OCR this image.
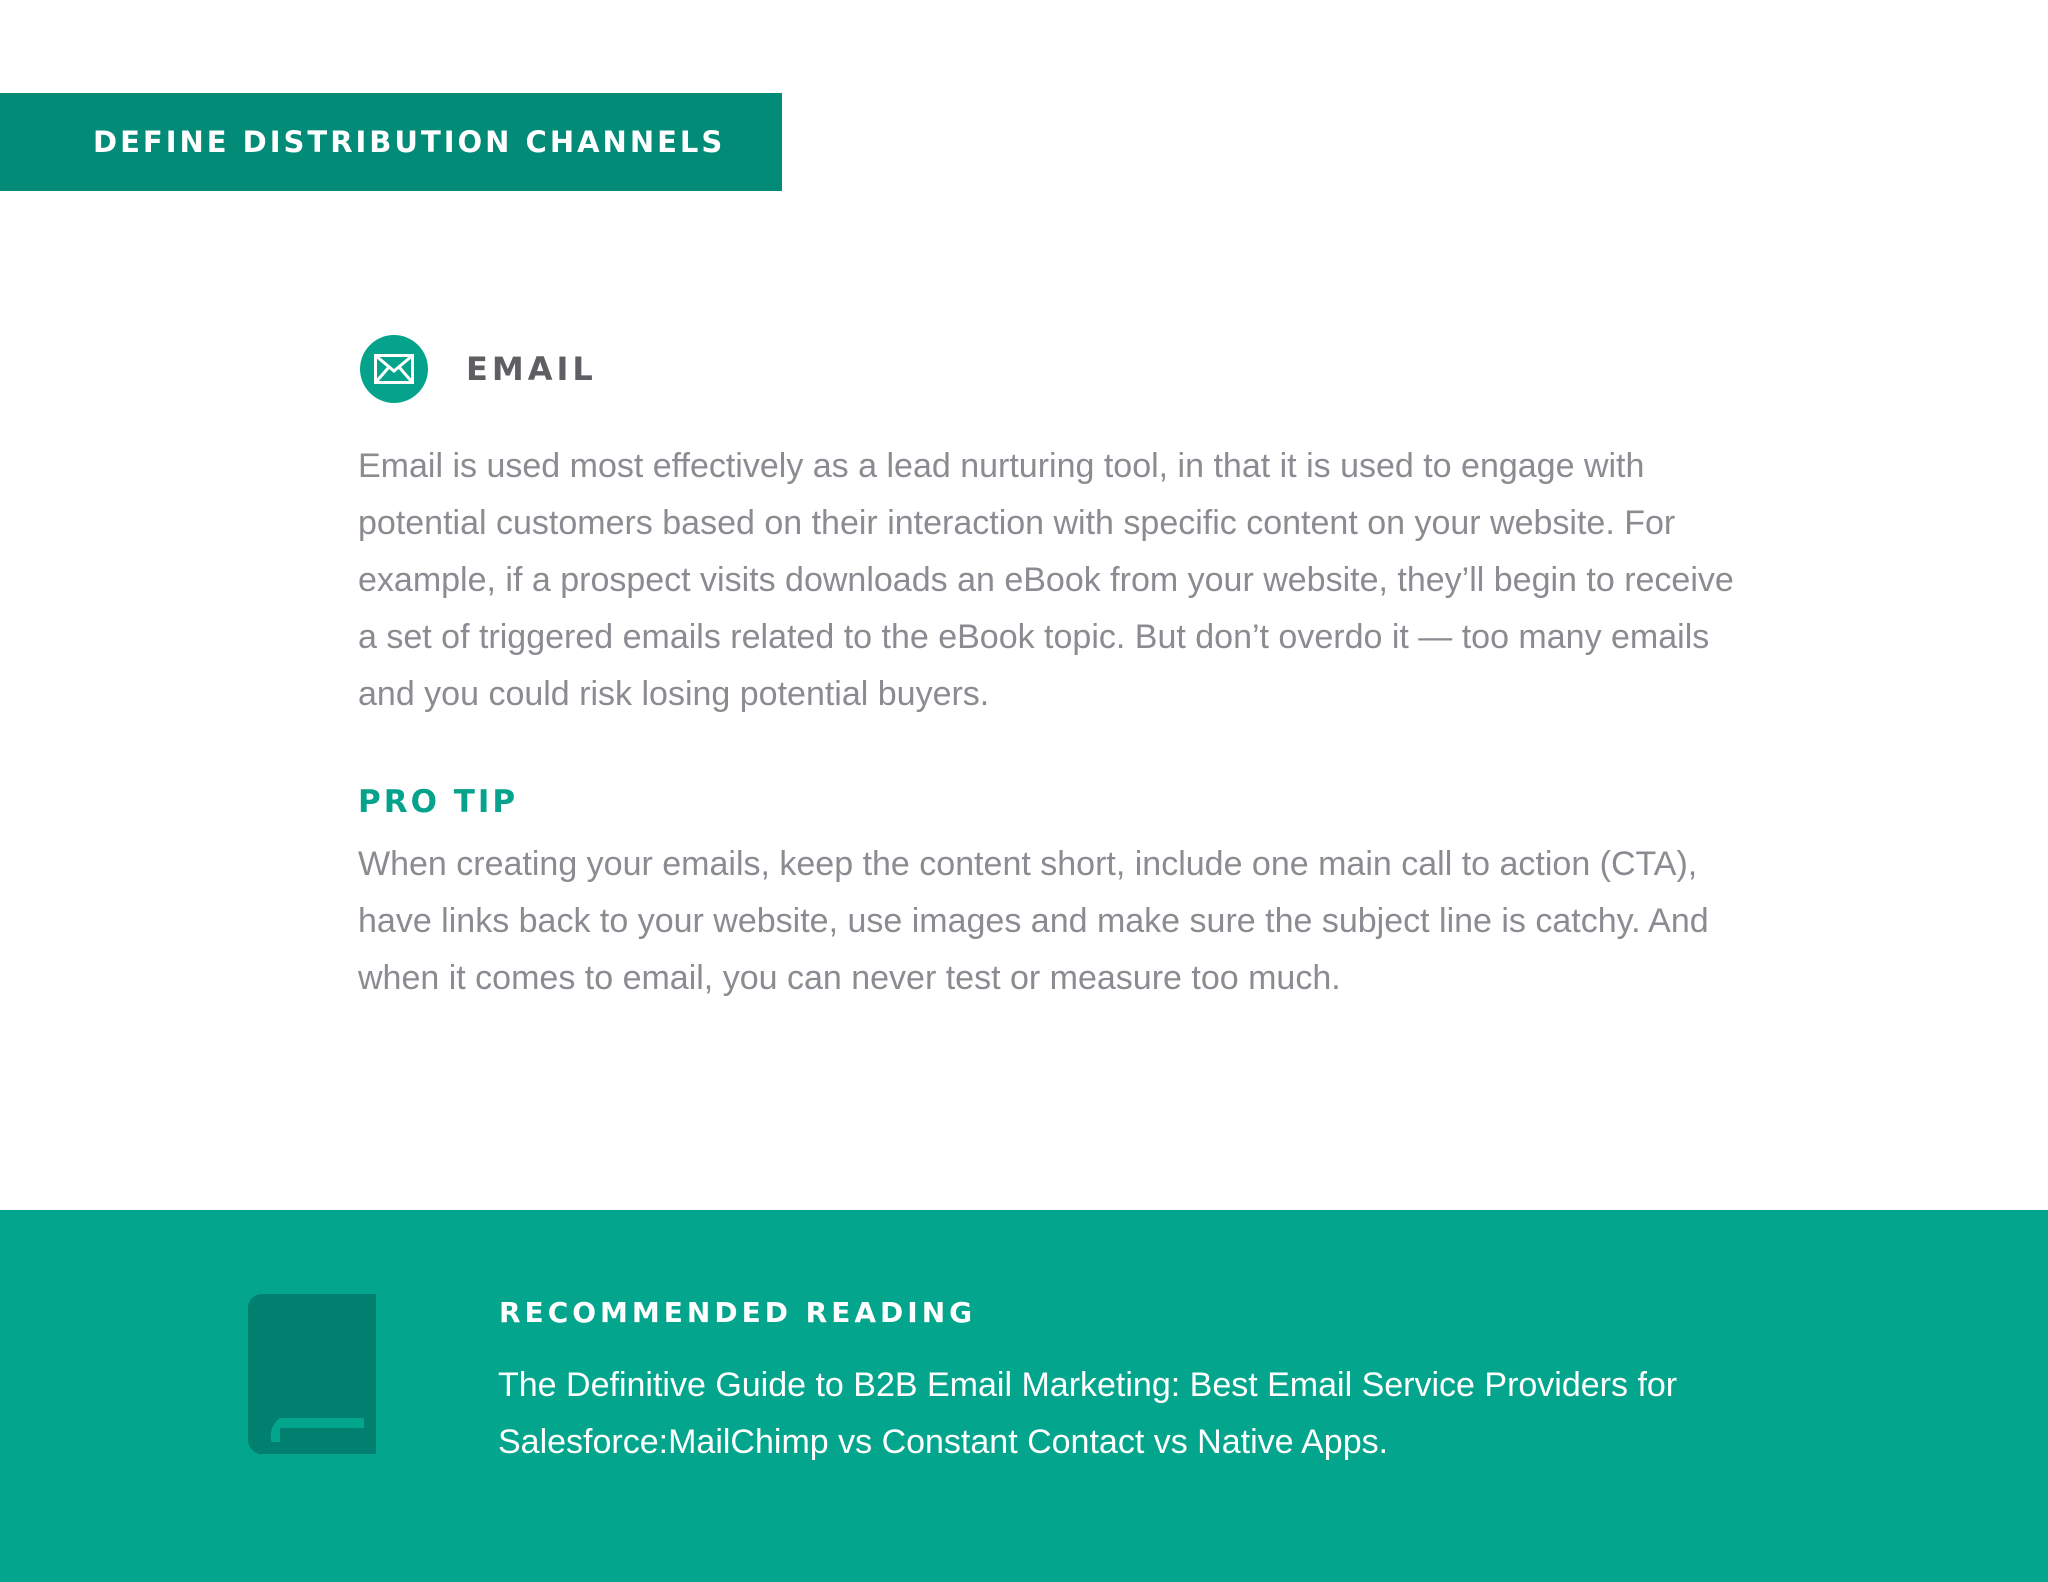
DEFINE DISTRIBUTION CHANNELS
EMAIL

Email is used most effectively as a lead nurturing tool, in that it is used to engage with potential customers based on their interaction with specific content on your website. For example, if a prospect visits downloads an eBook from your website, they’ll begin to receive a set of triggered emails related to the eBook topic. But don’t overdo it — too many emails and you could risk losing potential buyers.

PRO TIP

When creating your emails, keep the content short, include one main call to action (CTA), have links back to your website, use images and make sure the subject line is catchy. And when it comes to email, you can never test or measure too much.

RECOMMENDED READING

The Definitive Guide to B2B Email Marketing: Best Email Service Providers for Salesforce:MailChimp vs Constant Contact vs Native Apps.
